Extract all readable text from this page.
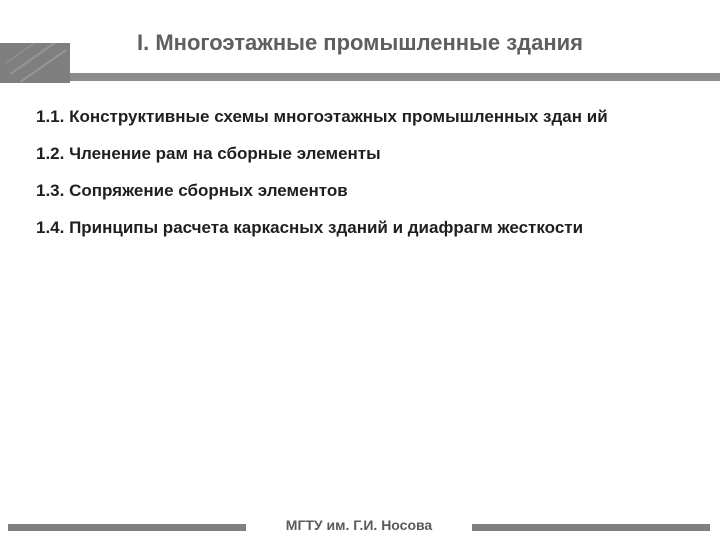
I. Многоэтажные промышленные здания
1.1. Конструктивные схемы многоэтажных промышленных здан ий
1.2. Членение рам на сборные элементы
1.3. Сопряжение сборных элементов
1.4. Принципы расчета каркасных зданий и диафрагм жесткости
МГТУ им. Г.И. Носова
